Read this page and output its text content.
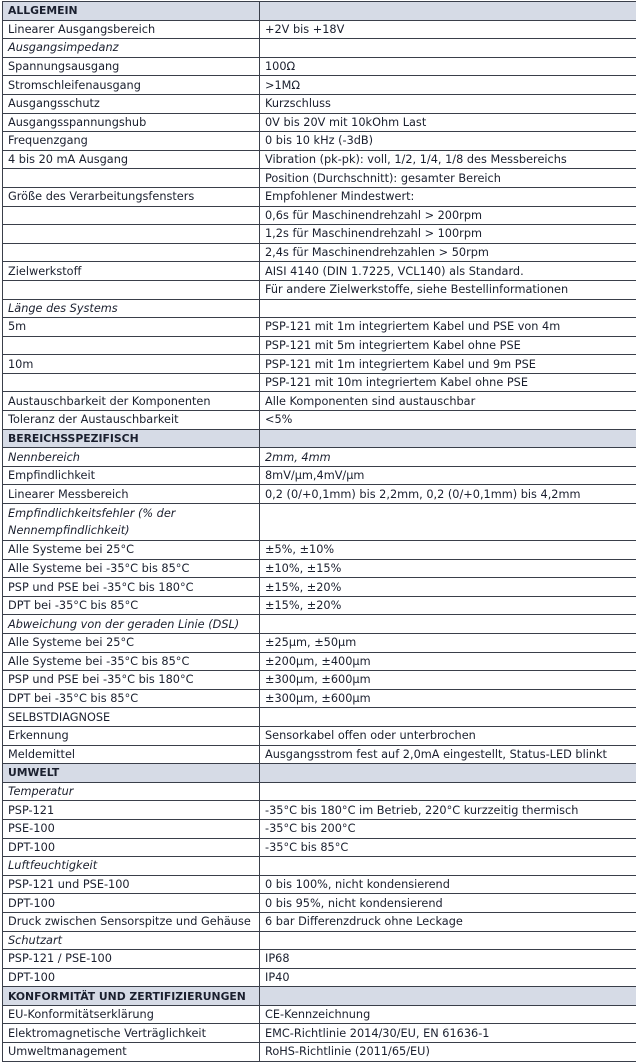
ALLGEMEIN	
Linearer Ausgangsbereich	+2V bis +18V
Ausgangsimpedanz	
Spannungsausgang	100Ω
Stromschleifenausgang	>1MΩ
Ausgangsschutz	Kurzschluss
Ausgangsspannungshub	0V bis 20V mit 10kOhm Last
Frequenzgang	0 bis 10 kHz (-3dB)
4 bis 20 mA Ausgang	Vibration (pk-pk): voll, 1/2, 1/4, 1/8 des Messbereichs
	Position (Durchschnitt): gesamter Bereich
Größe des Verarbeitungsfensters	Empfohlener Mindestwert:
	0,6s für Maschinendrehzahl > 200rpm
	1,2s für Maschinendrehzahl > 100rpm
	2,4s für Maschinendrehzahlen > 50rpm
Zielwerkstoff	AISI 4140 (DIN 1.7225, VCL140) als Standard.
	Für andere Zielwerkstoffe, siehe Bestellinformationen
Länge des Systems	
5m	PSP-121 mit 1m integriertem Kabel und PSE von 4m
	PSP-121 mit 5m integriertem Kabel ohne PSE
10m	PSP-121 mit 1m integriertem Kabel und 9m PSE
	PSP-121 mit 10m integriertem Kabel ohne PSE
Austauschbarkeit der Komponenten	Alle Komponenten sind austauschbar
Toleranz der Austauschbarkeit	<5%
BEREICHSSPEZIFISCH	
Nennbereich	2mm, 4mm
Empfindlichkeit	8mV/µm,4mV/µm
Linearer Messbereich	0,2 (0/+0,1mm) bis 2,2mm, 0,2 (0/+0,1mm) bis 4,2mm
Empfindlichkeitsfehler (% der Nennempfindlichkeit)	
Alle Systeme bei 25°C	±5%, ±10%
Alle Systeme bei -35°C bis 85°C	±10%, ±15%
PSP und PSE bei -35°C bis 180°C	±15%, ±20%
DPT bei -35°C bis 85°C	±15%, ±20%
Abweichung von der geraden Linie (DSL)	
Alle Systeme bei 25°C	±25µm, ±50µm
Alle Systeme bei -35°C bis 85°C	±200µm, ±400µm
PSP und PSE bei -35°C bis 180°C	±300µm, ±600µm
DPT bei -35°C bis 85°C	±300µm, ±600µm
SELBSTDIAGNOSE	
Erkennung	Sensorkabel offen oder unterbrochen
Meldemittel	Ausgangsstrom fest auf 2,0mA eingestellt, Status-LED blinkt
UMWELT	
Temperatur	
PSP-121	-35°C bis 180°C im Betrieb, 220°C kurzzeitig thermisch
PSE-100	-35°C bis 200°C
DPT-100	-35°C bis 85°C
Luftfeuchtigkeit	
PSP-121 und PSE-100	0 bis 100%, nicht kondensierend
DPT-100	0 bis 95%, nicht kondensierend
Druck zwischen Sensorspitze und Gehäuse	6 bar Differenzdruck ohne Leckage
Schutzart	
PSP-121 / PSE-100	IP68
DPT-100	IP40
KONFORMITÄT UND ZERTIFIZIERUNGEN	
EU-Konformitätserklärung	CE-Kennzeichnung
Elektromagnetische Verträglichkeit	EMC-Richtlinie 2014/30/EU, EN 61636-1
Umweltmanagement	RoHS-Richtlinie (2011/65/EU)
